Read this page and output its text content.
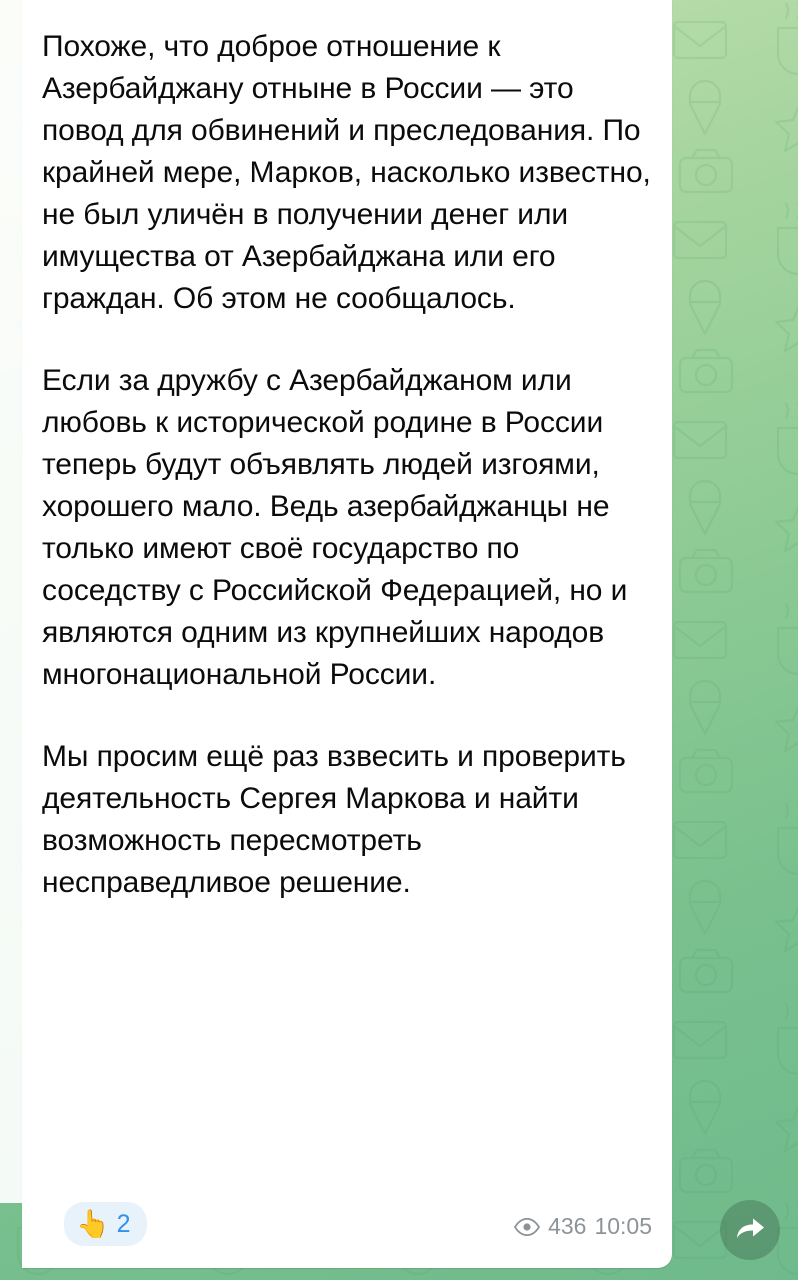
Похоже, что доброе отношение к Азербайджану отныне в России — это повод для обвинений и преследования. По крайней мере, Марков, насколько известно, не был уличён в получении денег или имущества от Азербайджана или его граждан. Об этом не сообщалось.
Если за дружбу с Азербайджаном или любовь к исторической родине в России теперь будут объявлять людей изгоями, хорошего мало. Ведь азербайджанцы не только имеют своё государство по соседству с Российской Федерацией, но и являются одним из крупнейших народов многонациональной России.
Мы просим ещё раз взвесить и проверить деятельность Сергея Маркова и найти возможность пересмотреть несправедливое решение.
👆 2	436 10:05
